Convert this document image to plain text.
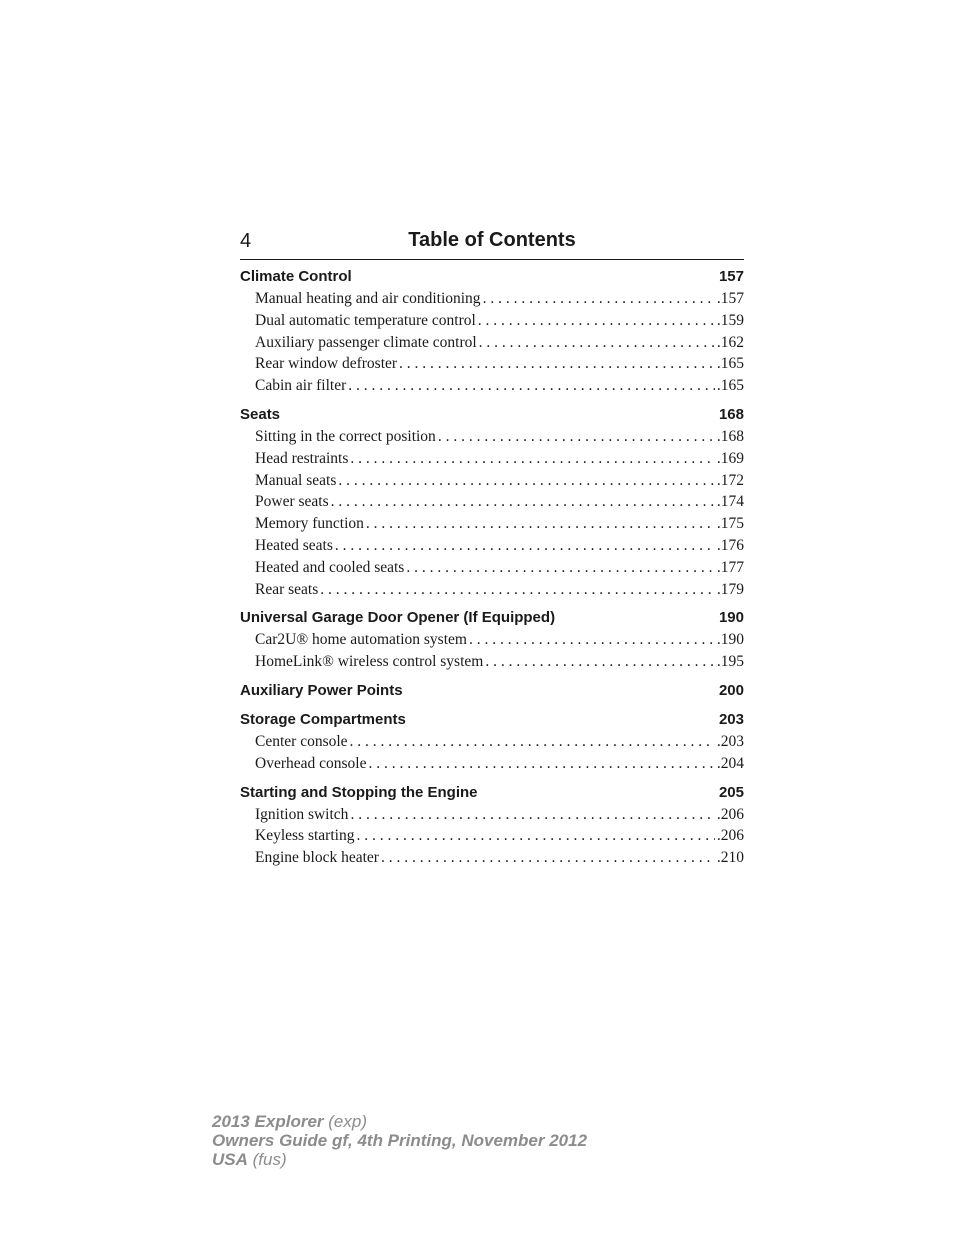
4	Table of Contents
Climate Control	157
Manual heating and air conditioning . . .	.157
Dual automatic temperature control . . .	.159
Auxiliary passenger climate control . . .	.162
Rear window defroster . . .	.165
Cabin air filter . . .	.165
Seats	168
Sitting in the correct position . . .	.168
Head restraints . . .	.169
Manual seats . . .	.172
Power seats . . .	.174
Memory function . . .	.175
Heated seats . . .	.176
Heated and cooled seats . . .	.177
Rear seats . . .	.179
Universal Garage Door Opener (If Equipped)	190
Car2U® home automation system . . .	.190
HomeLink® wireless control system . . .	.195
Auxiliary Power Points	200
Storage Compartments	203
Center console . . .	.203
Overhead console . . .	.204
Starting and Stopping the Engine	205
Ignition switch . . .	.206
Keyless starting . . .	.206
Engine block heater . . .	.210
2013 Explorer (exp)
Owners Guide gf, 4th Printing, November 2012
USA (fus)
